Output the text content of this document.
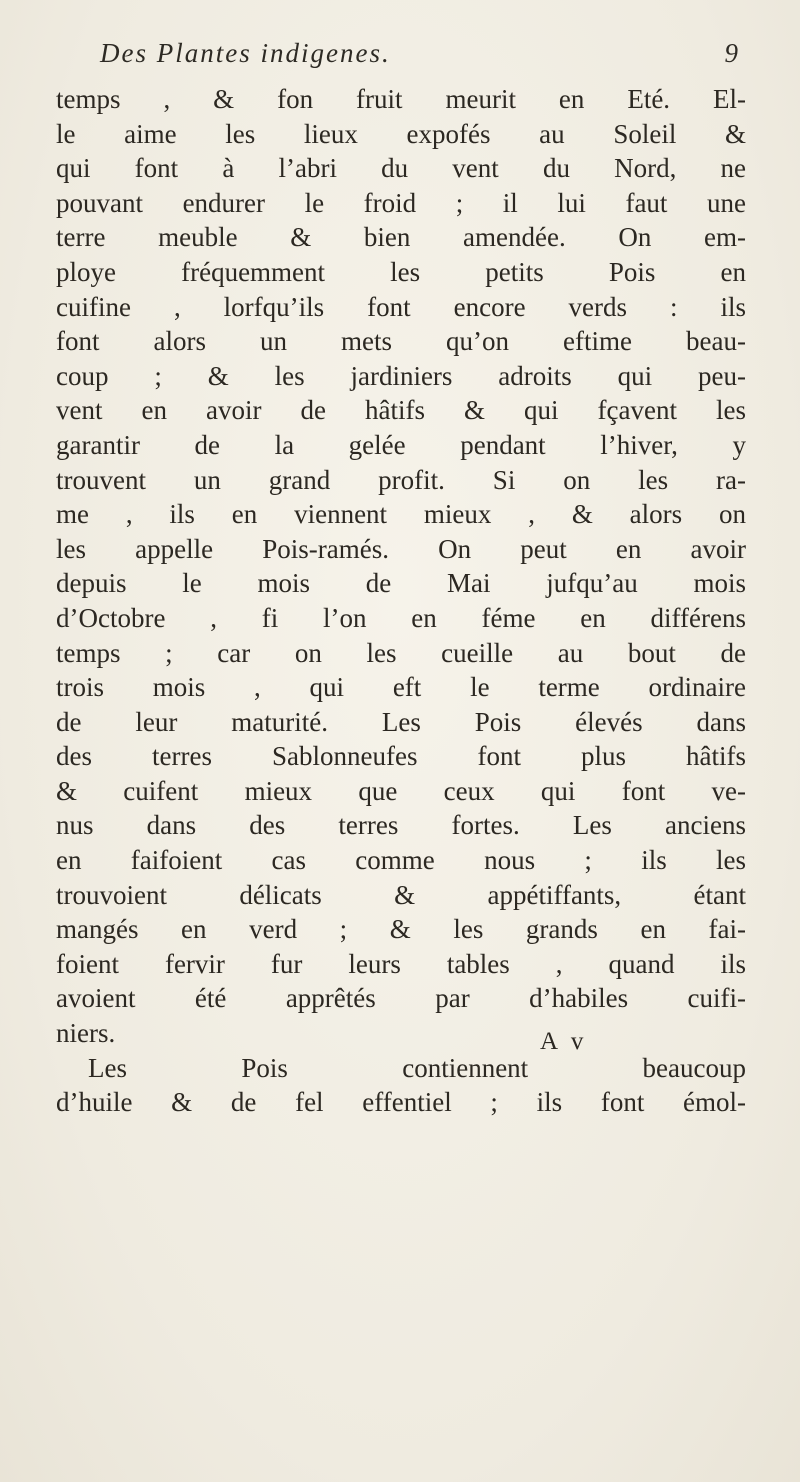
Des Plantes indigenes.	9
temps , & fon fruit meurit en Eté. El-
le aime les lieux expofés au Soleil &
qui font à l’abri du vent du Nord, ne
pouvant endurer le froid ; il lui faut une
terre meuble & bien amendée. On em-
ploye fréquemment les petits Pois en
cuifine , lorfqu’ils font encore verds : ils
font alors un mets qu’on eftime beau-
coup ; & les jardiniers adroits qui peu-
vent en avoir de hâtifs & qui fçavent les
garantir de la gelée pendant l’hiver, y
trouvent un grand profit. Si on les ra-
me , ils en viennent mieux , & alors on
les appelle Pois-ramés. On peut en avoir
depuis le mois de Mai jufqu’au mois
d’Octobre , fi l’on en féme en différens
temps ; car on les cueille au bout de
trois mois , qui eft le terme ordinaire
de leur maturité. Les Pois élevés dans
des terres Sablonneufes font plus hâtifs
& cuifent mieux que ceux qui font ve-
nus dans des terres fortes. Les anciens
en faifoient cas comme nous ; ils les
trouvoient délicats & appétiffants, étant
mangés en verd ; & les grands en fai-
foient fervir fur leurs tables , quand ils
avoient été apprêtés par d’habiles cuifi-
niers.
Les Pois contiennent beaucoup
d’huile & de fel effentiel ; ils font émol-
A v
